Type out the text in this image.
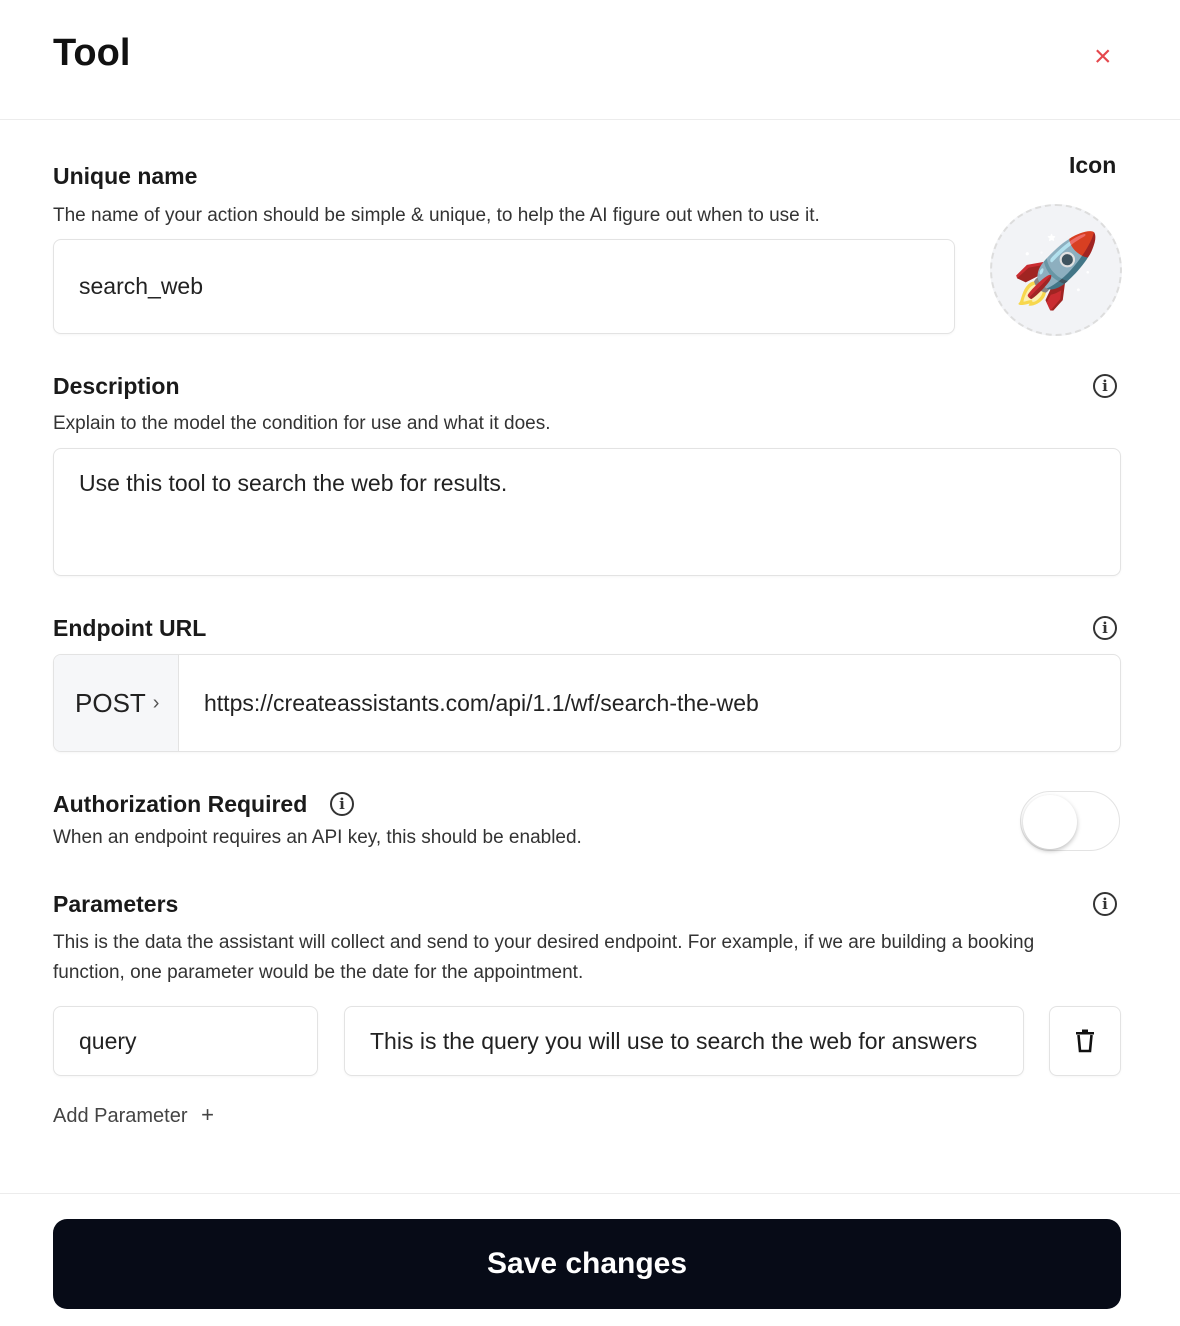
Tool	×
Unique name
The name of your action should be simple & unique, to help the AI figure out when to use it.
search_web
Icon
🚀
Description	i
Explain to the model the condition for use and what it does.
Use this tool to search the web for results.
Endpoint URL	i
POST ›	https://createassistants.com/api/1.1/wf/search-the-web
Authorization Required	i
When an endpoint requires an API key, this should be enabled.
Parameters	i
This is the data the assistant will collect and send to your desired endpoint. For example, if we are building a booking function, one parameter would be the date for the appointment.
query	This is the query you will use to search the web for answers
Add Parameter +
Save changes
